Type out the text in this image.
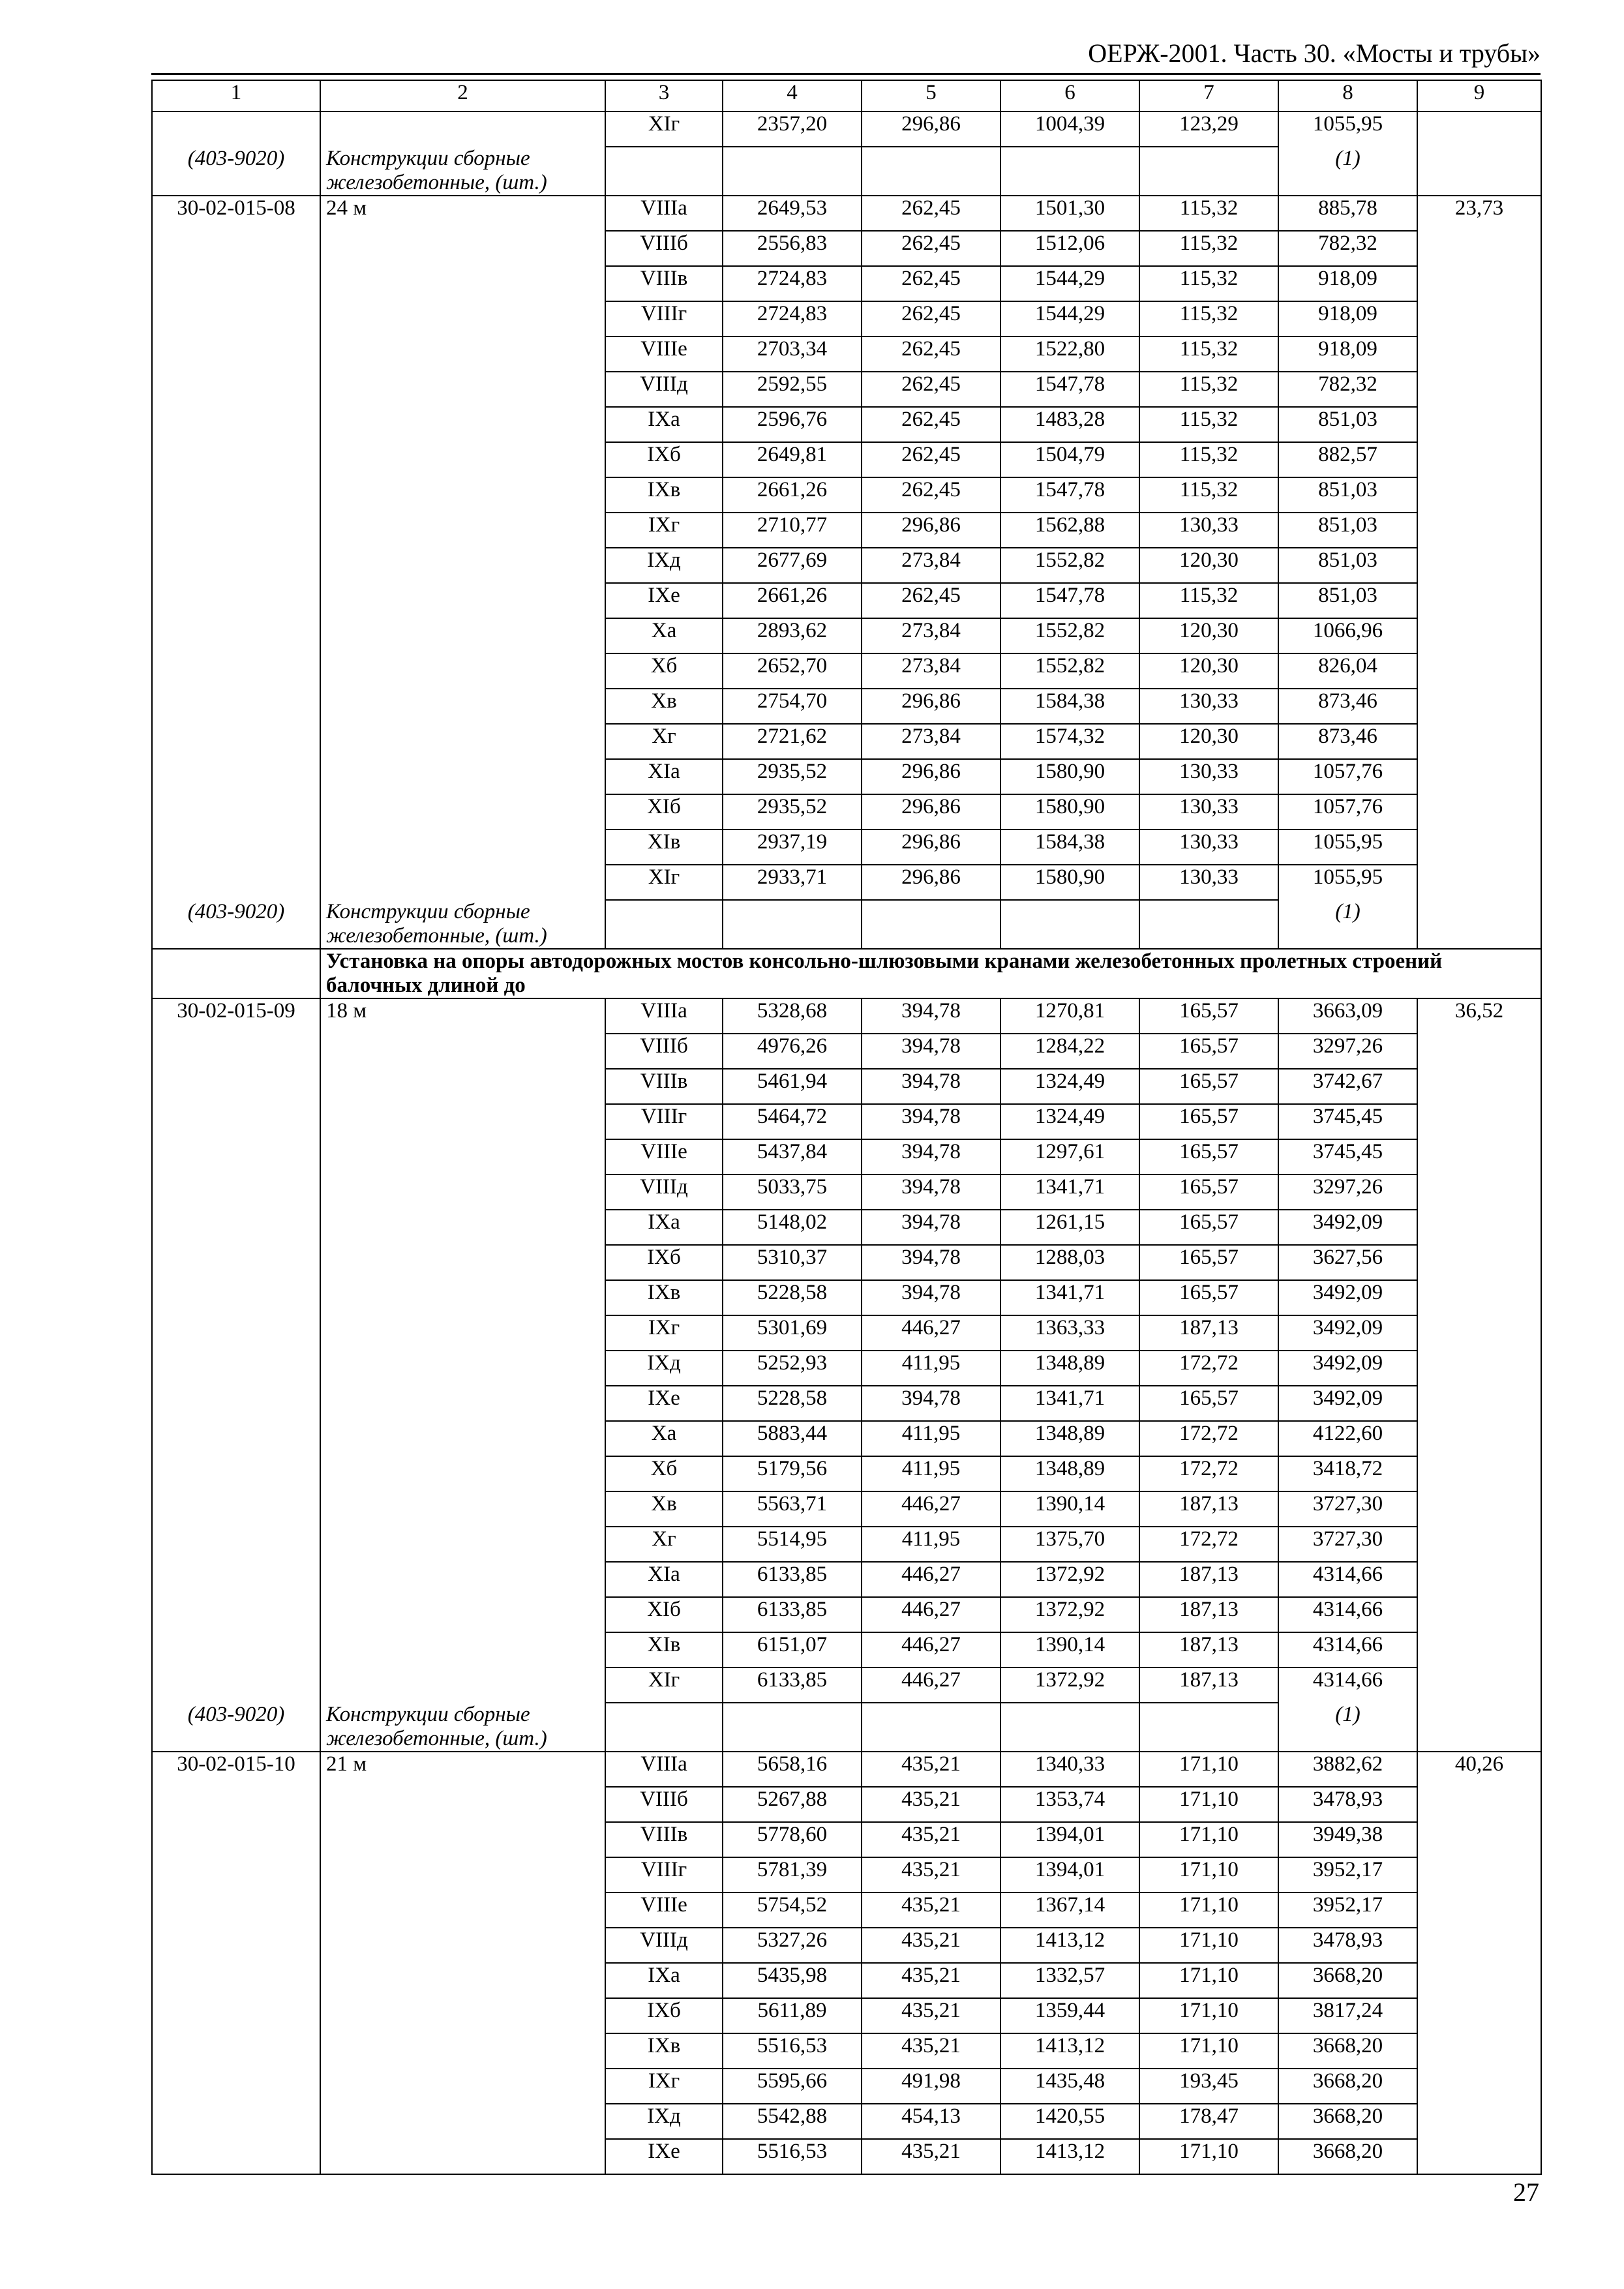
ОЕРЖ-2001. Часть 30. «Мосты и трубы»
1	2	3	4	5	6	7	8	9
		XIг	2357,20	296,86	1004,39	123,29	1055,95	
(403-9020)	Конструкции сборные железобетонные, (шт.)						(1)	
30-02-015-08	24 м	VIIIа	2649,53	262,45	1501,30	115,32	885,78	23,73
		VIIIб	2556,83	262,45	1512,06	115,32	782,32	
		VIIIв	2724,83	262,45	1544,29	115,32	918,09	
		VIIIг	2724,83	262,45	1544,29	115,32	918,09	
		VIIIе	2703,34	262,45	1522,80	115,32	918,09	
		VIIIд	2592,55	262,45	1547,78	115,32	782,32	
		IXа	2596,76	262,45	1483,28	115,32	851,03	
		IXб	2649,81	262,45	1504,79	115,32	882,57	
		IXв	2661,26	262,45	1547,78	115,32	851,03	
		IXг	2710,77	296,86	1562,88	130,33	851,03	
		IXд	2677,69	273,84	1552,82	120,30	851,03	
		IXе	2661,26	262,45	1547,78	115,32	851,03	
		Xа	2893,62	273,84	1552,82	120,30	1066,96	
		Xб	2652,70	273,84	1552,82	120,30	826,04	
		Xв	2754,70	296,86	1584,38	130,33	873,46	
		Xг	2721,62	273,84	1574,32	120,30	873,46	
		XIа	2935,52	296,86	1580,90	130,33	1057,76	
		XIб	2935,52	296,86	1580,90	130,33	1057,76	
		XIв	2937,19	296,86	1584,38	130,33	1055,95	
		XIг	2933,71	296,86	1580,90	130,33	1055,95	
(403-9020)	Конструкции сборные железобетонные, (шт.)						(1)	
	Установка на опоры автодорожных мостов консольно-шлюзовыми кранами железобетонных пролетных строений балочных длиной до							
30-02-015-09	18 м	VIIIа	5328,68	394,78	1270,81	165,57	3663,09	36,52
		VIIIб	4976,26	394,78	1284,22	165,57	3297,26	
		VIIIв	5461,94	394,78	1324,49	165,57	3742,67	
		VIIIг	5464,72	394,78	1324,49	165,57	3745,45	
		VIIIе	5437,84	394,78	1297,61	165,57	3745,45	
		VIIIд	5033,75	394,78	1341,71	165,57	3297,26	
		IXа	5148,02	394,78	1261,15	165,57	3492,09	
		IXб	5310,37	394,78	1288,03	165,57	3627,56	
		IXв	5228,58	394,78	1341,71	165,57	3492,09	
		IXг	5301,69	446,27	1363,33	187,13	3492,09	
		IXд	5252,93	411,95	1348,89	172,72	3492,09	
		IXе	5228,58	394,78	1341,71	165,57	3492,09	
		Xа	5883,44	411,95	1348,89	172,72	4122,60	
		Xб	5179,56	411,95	1348,89	172,72	3418,72	
		Xв	5563,71	446,27	1390,14	187,13	3727,30	
		Xг	5514,95	411,95	1375,70	172,72	3727,30	
		XIа	6133,85	446,27	1372,92	187,13	4314,66	
		XIб	6133,85	446,27	1372,92	187,13	4314,66	
		XIв	6151,07	446,27	1390,14	187,13	4314,66	
		XIг	6133,85	446,27	1372,92	187,13	4314,66	
(403-9020)	Конструкции сборные железобетонные, (шт.)						(1)	
30-02-015-10	21 м	VIIIа	5658,16	435,21	1340,33	171,10	3882,62	40,26
		VIIIб	5267,88	435,21	1353,74	171,10	3478,93	
		VIIIв	5778,60	435,21	1394,01	171,10	3949,38	
		VIIIг	5781,39	435,21	1394,01	171,10	3952,17	
		VIIIе	5754,52	435,21	1367,14	171,10	3952,17	
		VIIIд	5327,26	435,21	1413,12	171,10	3478,93	
		IXа	5435,98	435,21	1332,57	171,10	3668,20	
		IXб	5611,89	435,21	1359,44	171,10	3817,24	
		IXв	5516,53	435,21	1413,12	171,10	3668,20	
		IXг	5595,66	491,98	1435,48	193,45	3668,20	
		IXд	5542,88	454,13	1420,55	178,47	3668,20	
		IXе	5516,53	435,21	1413,12	171,10	3668,20	
27
